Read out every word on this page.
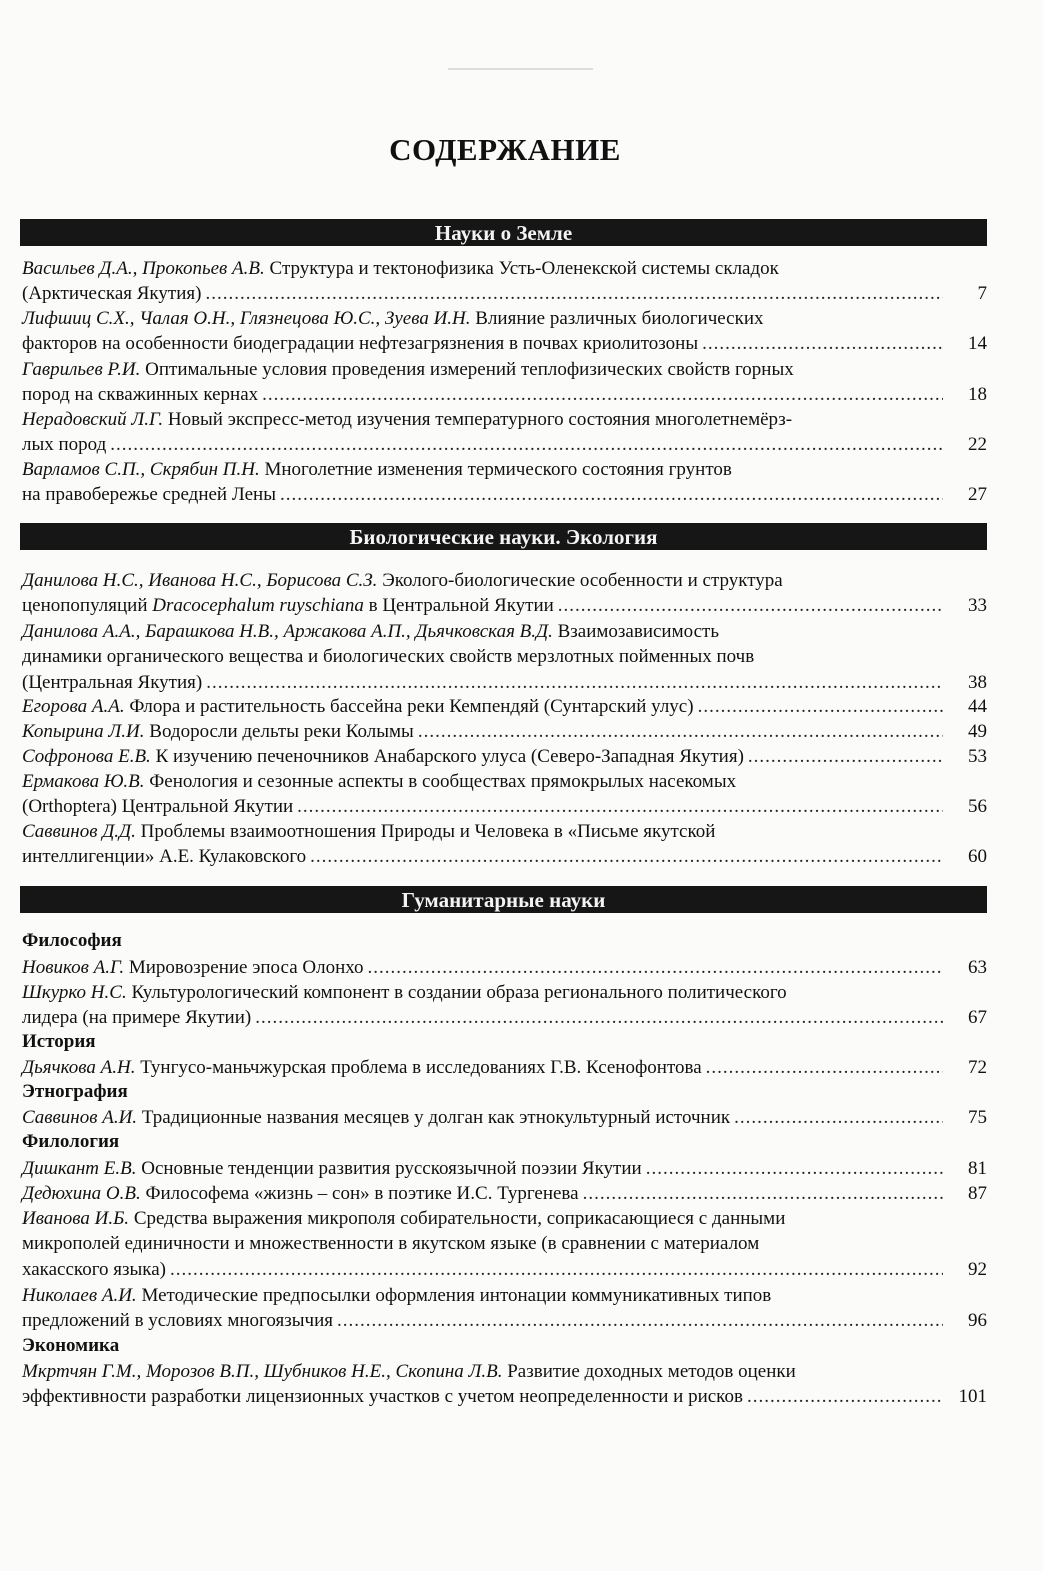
СОДЕРЖАНИЕ
Науки о Земле
Биологические науки. Экология
Гуманитарные науки
Философия
История
Этнография
Филология
Экономика
Васильев Д.А., Прокопьев А.В. Структура и тектонофизика Усть-Оленекской системы складок
(Арктическая Якутия) .....	7
Лифшиц С.Х., Чалая О.Н., Глязнецова Ю.С., Зуева И.Н. Влияние различных биологических
факторов на особенности биодеградации нефтезагрязнения в почвах криолитозоны .....	14
Гаврильев Р.И. Оптимальные условия проведения измерений теплофизических свойств горных
пород на скважинных кернах .....	18
Нерадовский Л.Г. Новый экспресс-метод изучения температурного состояния многолетнемёрз-
лых пород .....	22
Варламов С.П., Скрябин П.Н. Многолетние изменения термического состояния грунтов
на правобережье средней Лены .....	27
Данилова Н.С., Иванова Н.С., Борисова С.З. Эколого-биологические особенности и структура
ценопопуляций Dracocephalum ruyschiana в Центральной Якутии .....	33
Данилова А.А., Барашкова Н.В., Аржакова А.П., Дьячковская В.Д. Взаимозависимость
динамики органического вещества и биологических свойств мерзлотных пойменных почв
(Центральная Якутия) .....	38
Егорова А.А. Флора и растительность бассейна реки Кемпендяй (Сунтарский улус) .....	44
Копырина Л.И. Водоросли дельты реки Колымы .....	49
Софронова Е.В. К изучению печеночников Анабарского улуса (Северо-Западная Якутия) .....	53
Ермакова Ю.В. Фенология и сезонные аспекты в сообществах прямокрылых насекомых
(Orthoptera) Центральной Якутии .....	56
Саввинов Д.Д. Проблемы взаимоотношения Природы и Человека в «Письме якутской
интеллигенции» А.Е. Кулаковского .....	60
Новиков А.Г. Мировозрение эпоса Олонхо .....	63
Шкурко Н.С. Культурологический компонент в создании образа регионального политического
лидера (на примере Якутии) .....	67
Дьячкова А.Н. Тунгусо-маньчжурская проблема в исследованиях Г.В. Ксенофонтова .....	72
Саввинов А.И. Традиционные названия месяцев у долган как этнокультурный источник .....	75
Дишкант Е.В. Основные тенденции развития русскоязычной поэзии Якутии .....	81
Дедюхина О.В. Философема «жизнь – сон» в поэтике И.С. Тургенева .....	87
Иванова И.Б. Средства выражения микрополя собирательности, соприкасающиеся с данными
микрополей единичности и множественности в якутском языке (в сравнении с материалом
хакасского языка) .....	92
Николаев А.И. Методические предпосылки оформления интонации коммуникативных типов
предложений в условиях многоязычия .....	96
Мкртчян Г.М., Морозов В.П., Шубников Н.Е., Скопина Л.В. Развитие доходных методов оценки
эффективности разработки лицензионных участков с учетом неопределенности и рисков .....	101
